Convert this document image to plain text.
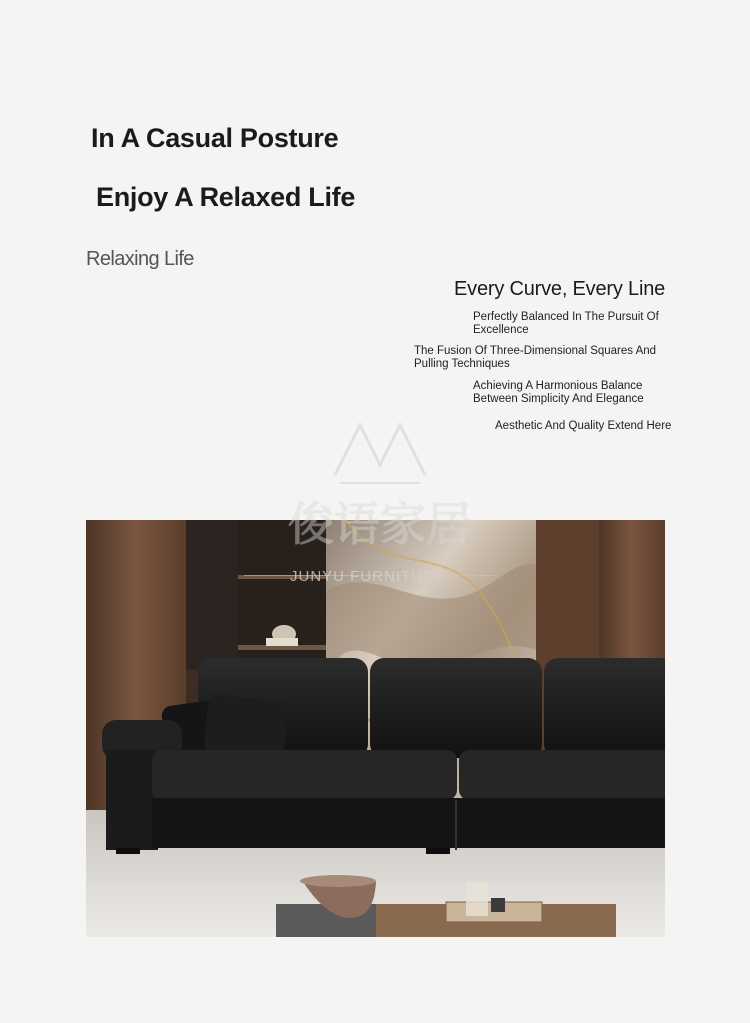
In A Casual Posture
Enjoy A Relaxed Life
Relaxing Life
Every Curve, Every Line
Perfectly Balanced In The Pursuit Of Excellence
The Fusion Of Three-Dimensional Squares And Pulling Techniques
Achieving A Harmonious Balance Between Simplicity And Elegance
Aesthetic And Quality Extend Here
俊语家居
JUNYU FURNITURE
